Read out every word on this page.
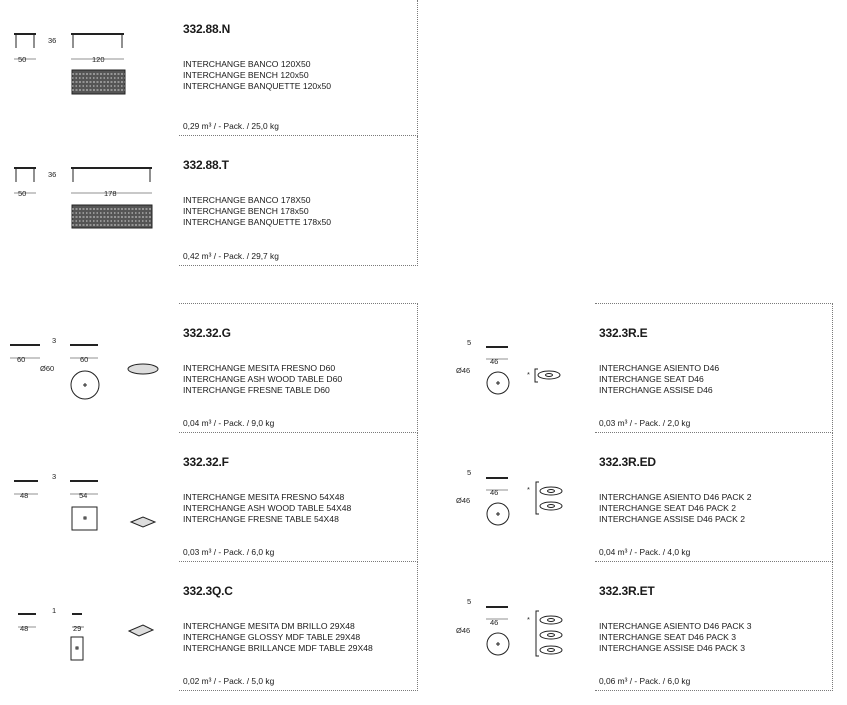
50
36
120
50
36
178
60	60
3
Ø60
48	54
3
48	29
1
5
46
Ø46	*
5
46
Ø46
*
5
46
Ø46
*
332.88.N
INTERCHANGE BANCO 120X50
INTERCHANGE BENCH 120x50
INTERCHANGE BANQUETTE 120x50
0,29 m³ / - Pack. / 25,0 kg
332.88.T
INTERCHANGE BANCO 178X50
INTERCHANGE BENCH 178x50
INTERCHANGE BANQUETTE 178x50
0,42 m³ / - Pack. / 29,7 kg
332.32.G
INTERCHANGE MESITA FRESNO D60
INTERCHANGE ASH WOOD TABLE D60
INTERCHANGE FRESNE TABLE D60
0,04 m³ / - Pack. / 9,0 kg
332.32.F
INTERCHANGE MESITA FRESNO 54X48
INTERCHANGE ASH WOOD TABLE 54X48
INTERCHANGE FRESNE TABLE 54X48
0,03 m³ / - Pack. / 6,0 kg
332.3Q.C
INTERCHANGE MESITA DM BRILLO 29X48
INTERCHANGE GLOSSY MDF TABLE 29X48
INTERCHANGE BRILLANCE MDF TABLE 29X48
0,02 m³ / - Pack. / 5,0 kg
332.3R.E
INTERCHANGE ASIENTO D46
INTERCHANGE SEAT D46
INTERCHANGE ASSISE D46
0,03 m³ / - Pack. / 2,0 kg
332.3R.ED
INTERCHANGE ASIENTO D46 PACK 2
INTERCHANGE SEAT D46 PACK 2
INTERCHANGE ASSISE D46 PACK 2
0,04 m³ / - Pack. / 4,0 kg
332.3R.ET
INTERCHANGE ASIENTO D46 PACK 3
INTERCHANGE SEAT D46 PACK 3
INTERCHANGE ASSISE D46 PACK 3
0,06 m³ / - Pack. / 6,0 kg
